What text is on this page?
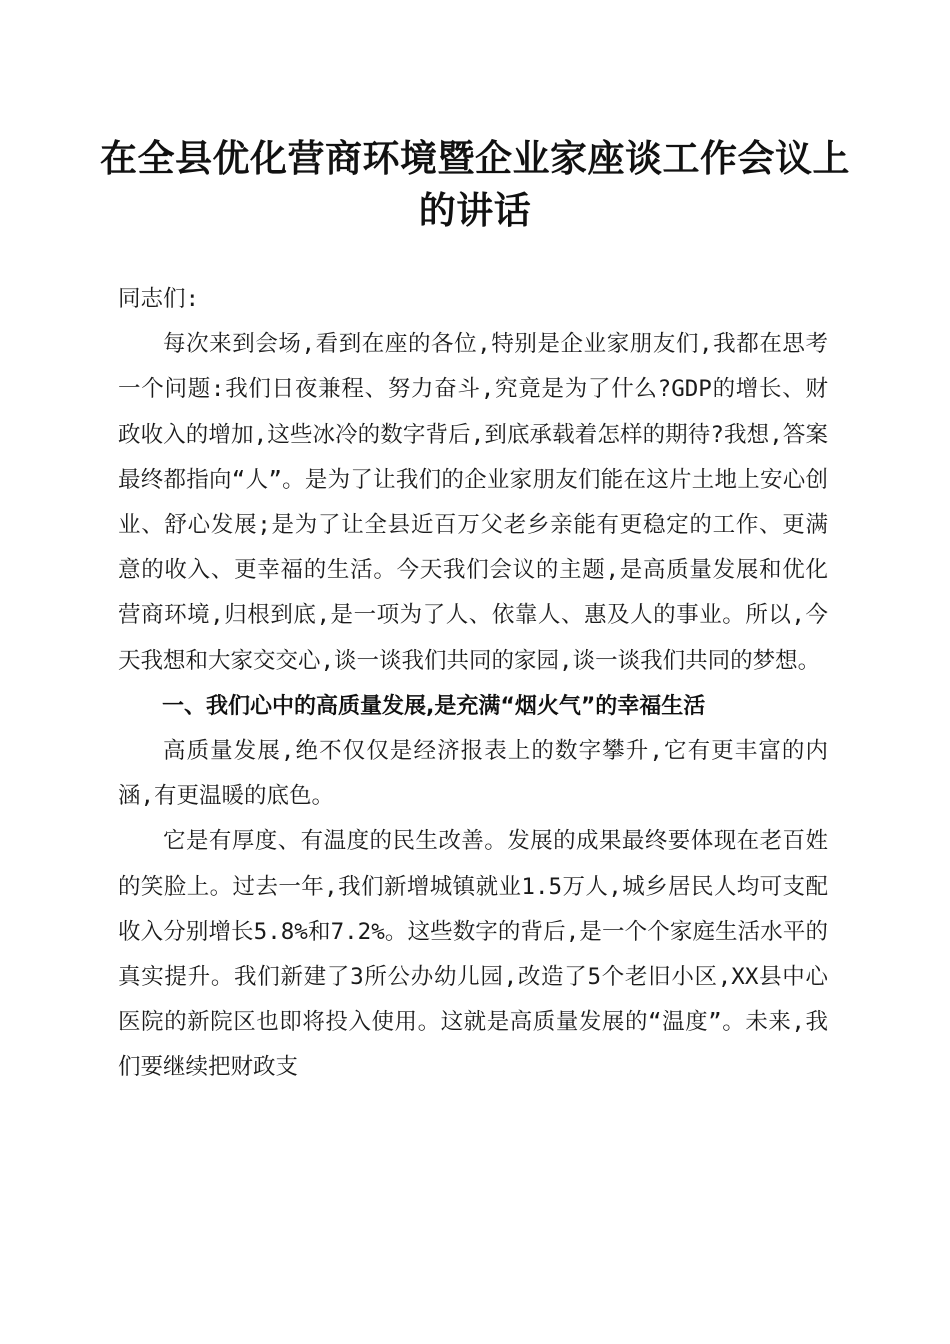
在全县优化营商环境暨企业家座谈工作会议上的讲话

同志们:

每次来到会场,看到在座的各位,特别是企业家朋友们,我都在思考一个问题:我们日夜兼程、努力奋斗,究竟是为了什么?GDP的增长、财政收入的增加,这些冰冷的数字背后,到底承载着怎样的期待?我想,答案最终都指向“人”。是为了让我们的企业家朋友们能在这片土地上安心创业、舒心发展;是为了让全县近百万父老乡亲能有更稳定的工作、更满意的收入、更幸福的生活。今天我们会议的主题,是高质量发展和优化营商环境,归根到底,是一项为了人、依靠人、惠及人的事业。所以,今天我想和大家交交心,谈一谈我们共同的家园,谈一谈我们共同的梦想。

一、我们心中的高质量发展,是充满“烟火气”的幸福生活

高质量发展,绝不仅仅是经济报表上的数字攀升,它有更丰富的内涵,有更温暖的底色。

它是有厚度、有温度的民生改善。发展的成果最终要体现在老百姓的笑脸上。过去一年,我们新增城镇就业1.5万人,城乡居民人均可支配收入分别增长5.8%和7.2%。这些数字的背后,是一个个家庭生活水平的真实提升。我们新建了3所公办幼儿园,改造了5个老旧小区,XX县中心医院的新院区也即将投入使用。这就是高质量发展的“温度”。未来,我们要继续把财政支
